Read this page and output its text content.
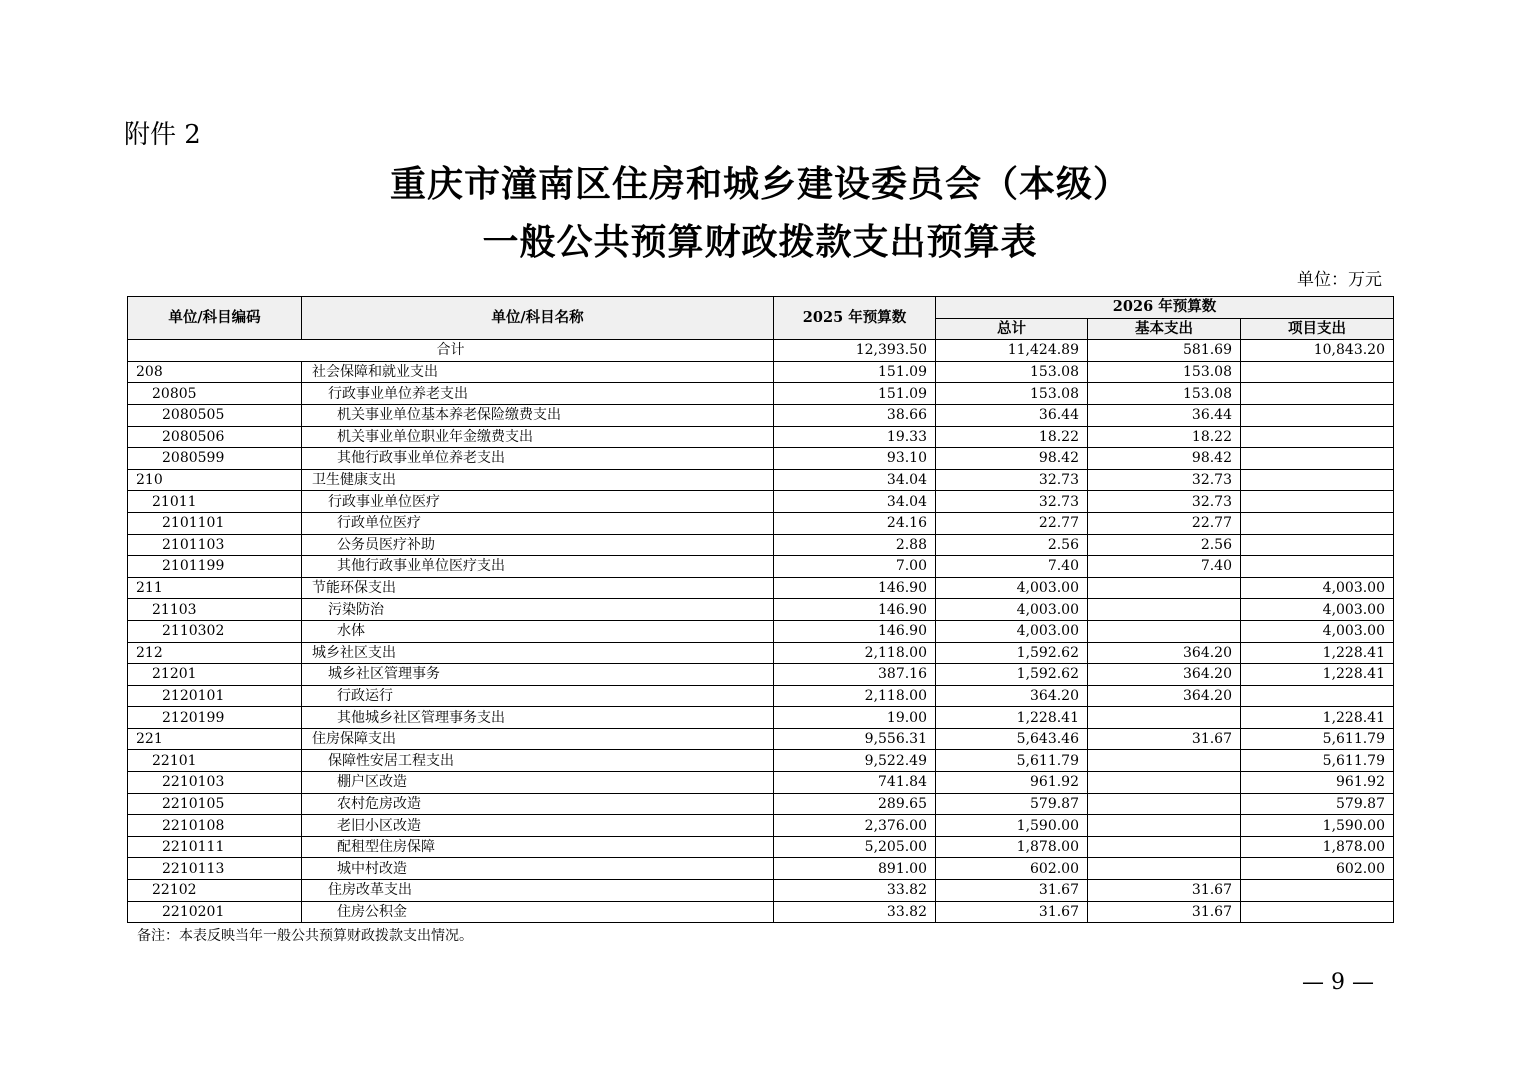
附件 2
重庆市潼南区住房和城乡建设委员会（本级）
一般公共预算财政拨款支出预算表
单位：万元
单位/科目编码	单位/科目名称	2025 年预算数	2026 年预算数		
			总计	基本支出	项目支出
合计		12,393.50	11,424.89	581.69	10,843.20
208	社会保障和就业支出	151.09	153.08	153.08	
20805	行政事业单位养老支出	151.09	153.08	153.08	
2080505	机关事业单位基本养老保险缴费支出	38.66	36.44	36.44	
2080506	机关事业单位职业年金缴费支出	19.33	18.22	18.22	
2080599	其他行政事业单位养老支出	93.10	98.42	98.42	
210	卫生健康支出	34.04	32.73	32.73	
21011	行政事业单位医疗	34.04	32.73	32.73	
2101101	行政单位医疗	24.16	22.77	22.77	
2101103	公务员医疗补助	2.88	2.56	2.56	
2101199	其他行政事业单位医疗支出	7.00	7.40	7.40	
211	节能环保支出	146.90	4,003.00		4,003.00
21103	污染防治	146.90	4,003.00		4,003.00
2110302	水体	146.90	4,003.00		4,003.00
212	城乡社区支出	2,118.00	1,592.62	364.20	1,228.41
21201	城乡社区管理事务	387.16	1,592.62	364.20	1,228.41
2120101	行政运行	2,118.00	364.20	364.20	
2120199	其他城乡社区管理事务支出	19.00	1,228.41		1,228.41
221	住房保障支出	9,556.31	5,643.46	31.67	5,611.79
22101	保障性安居工程支出	9,522.49	5,611.79		5,611.79
2210103	棚户区改造	741.84	961.92		961.92
2210105	农村危房改造	289.65	579.87		579.87
2210108	老旧小区改造	2,376.00	1,590.00		1,590.00
2210111	配租型住房保障	5,205.00	1,878.00		1,878.00
2210113	城中村改造	891.00	602.00		602.00
22102	住房改革支出	33.82	31.67	31.67	
2210201	住房公积金	33.82	31.67	31.67	
备注：本表反映当年一般公共预算财政拨款支出情况。
— 9 —
